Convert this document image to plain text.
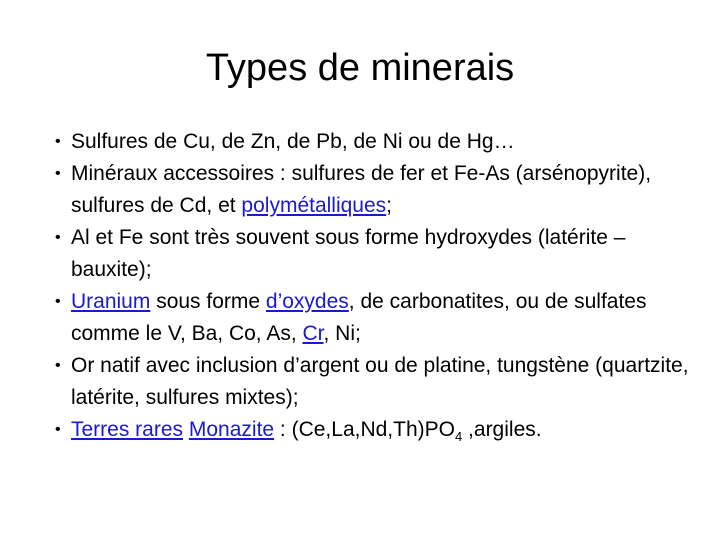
Types de minerais
• Sulfures de Cu, de Zn, de Pb, de Ni ou de Hg…
• Minéraux accessoires : sulfures de fer et Fe-As (arsénopyrite), sulfures de Cd, et polymétalliques;
• Al et Fe sont très souvent sous forme hydroxydes (latérite – bauxite);
• Uranium sous forme d’oxydes, de carbonatites, ou de sulfates comme le V, Ba, Co, As, Cr, Ni;
• Or natif avec inclusion d’argent ou de platine, tungstène (quartzite, latérite, sulfures mixtes);
• Terres rares Monazite : $(Ce,La,Nd,Th)PO_4$ ,argiles.
